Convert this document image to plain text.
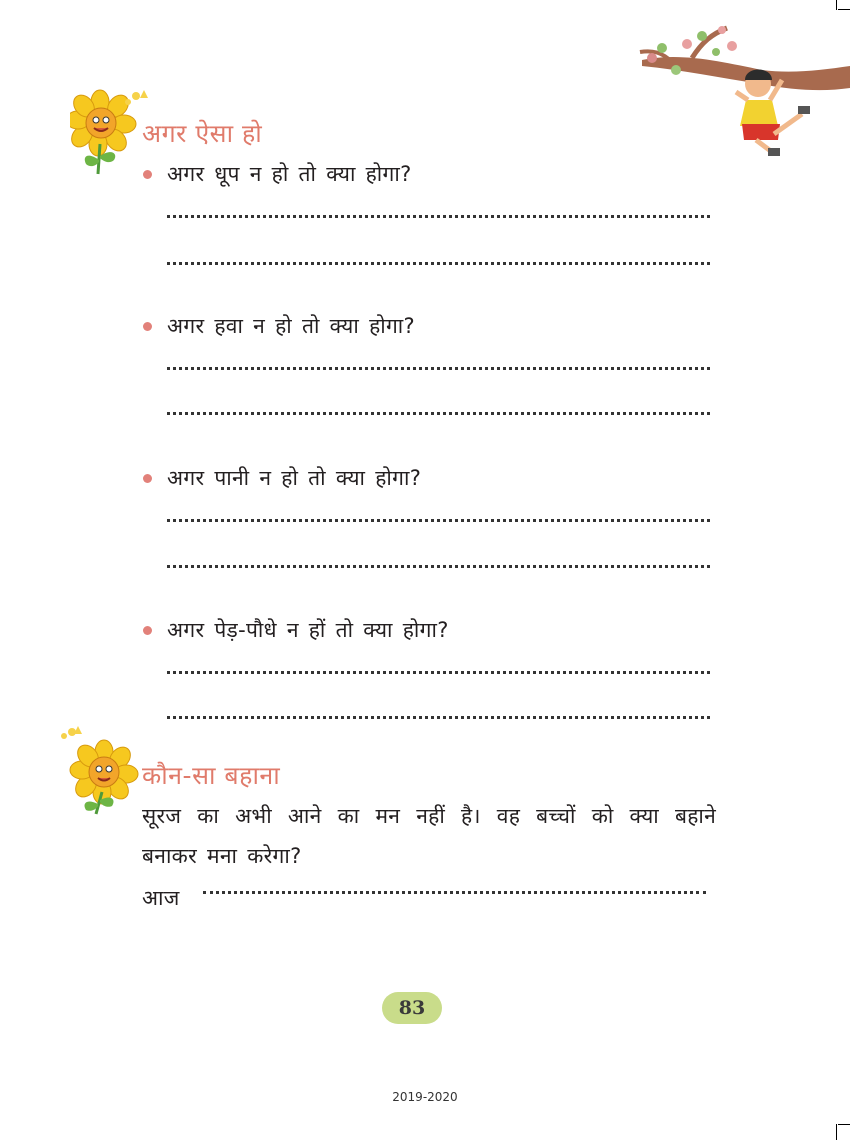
अगर ऐसा हो
अगर धूप न हो तो क्या होगा?
अगर हवा न हो तो क्या होगा?
अगर पानी न हो तो क्या होगा?
अगर पेड़-पौधे न हों तो क्या होगा?
कौन-सा बहाना
सूरज का अभी आने का मन नहीं है। वह बच्चों को क्या बहाने
बनाकर मना करेगा?
आज
83
2019-2020
